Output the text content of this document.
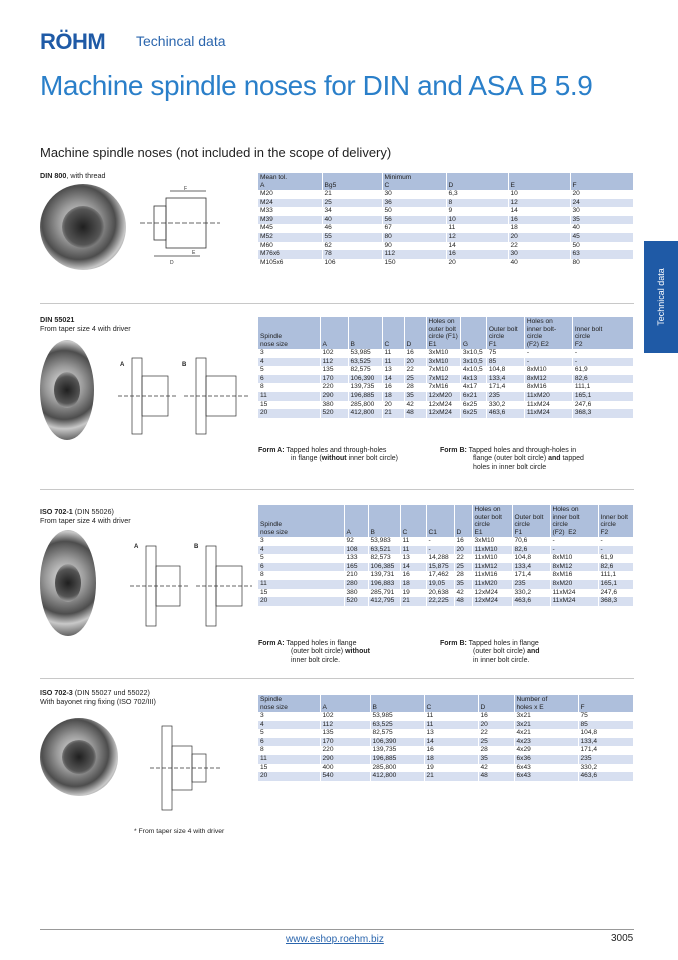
RÖHM Techincal data
Machine spindle noses for DIN and ASA B 5.9
Machine spindle noses (not included in the scope of delivery)
Technical data
DIN 800, with thread
F
D
E
Mean tol.
A	Bg5	Minimum
C	D	E	F
M20	21	30	6,3	10	20
M24	25	36	8	12	24
M33	34	50	9	14	30
M39	40	56	10	16	35
M45	46	67	11	18	40
M52	55	80	12	20	45
M60	62	90	14	22	50
M76x6	78	112	16	30	63
M105x6	106	150	20	40	80
DIN 55021
From taper size 4 with driver
A	B
Spindle
nose size	A	B	C	D	Holes on
outer bolt
circle (F1)
E1	G	Outer bolt
circle
F1	Holes on
inner bolt-
circle
(F2) E2	Inner bolt
circle
F2
3	102	53,985	11	16	3xM10	3x10,5	75	-	-
4	112	63,525	11	20	3xM10	3x10,5	85	-	-
5	135	82,575	13	22	7xM10	4x10,5	104,8	8xM10	61,9
6	170	106,390	14	25	7xM12	4x13	133,4	8xM12	82,6
8	220	139,735	16	28	7xM16	4x17	171,4	8xM16	111,1
11	290	196,885	18	35	12xM20	6x21	235	11xM20	165,1
15	380	285,800	20	42	12xM24	6x25	330,2	11xM24	247,6
20	520	412,800	21	48	12xM24	6x25	463,6	11xM24	368,3
Form A: Tapped holes and through-holes
in flange (without inner bolt circle)
Form B: Tapped holes and through-holes in
flange (outer bolt circle) and tapped
holes in inner bolt circle
ISO 702-1 (DIN 55026)
From taper size 4 with driver
A	B
Spindle
nose size	A	B	C	C1	D	Holes on
outer bolt
circle
E1	Outer bolt
circle
F1	Holes on
inner bolt
circle
(F2)  E2	Inner bolt
circle
F2
3	92	53,983	11	-	16	3xM10	70,6	-	-
4	108	63,521	11	-	20	11xM10	82,6	-	-
5	133	82,573	13	14,288	22	11xM10	104,8	8xM10	61,9
6	165	106,385	14	15,875	25	11xM12	133,4	8xM12	82,6
8	210	139,731	16	17,462	28	11xM16	171,4	8xM16	111,1
11	280	196,883	18	19,05	35	11xM20	235	8xM20	165,1
15	380	285,791	19	20,638	42	12xM24	330,2	11xM24	247,6
20	520	412,795	21	22,225	48	12xM24	463,6	11xM24	368,3
Form A: Tapped holes in flange
(outer bolt circle) without
inner bolt circle.
Form B: Tapped holes in flange
(outer bolt circle) and
in inner bolt circle.
ISO 702-3 (DIN 55027 und 55022)
With bayonet ring fixing (ISO 702/III)	Spindle
nose size	A	B	C	D	Number of
holes x E	F
3	102	53,985	11	16	3x21	75
4	112	63,525	11	20	3x21	85
5	135	82,575	13	22	4x21	104,8
6	170	106,390	14	25	4x23	133,4
8	220	139,735	16	28	4x29	171,4
11	290	196,885	18	35	6x36	235
15	400	285,800	19	42	6x43	330,2
20	540	412,800	21	48	6x43	463,6
* From taper size 4 with driver
www.eshop.roehm.biz	3005
